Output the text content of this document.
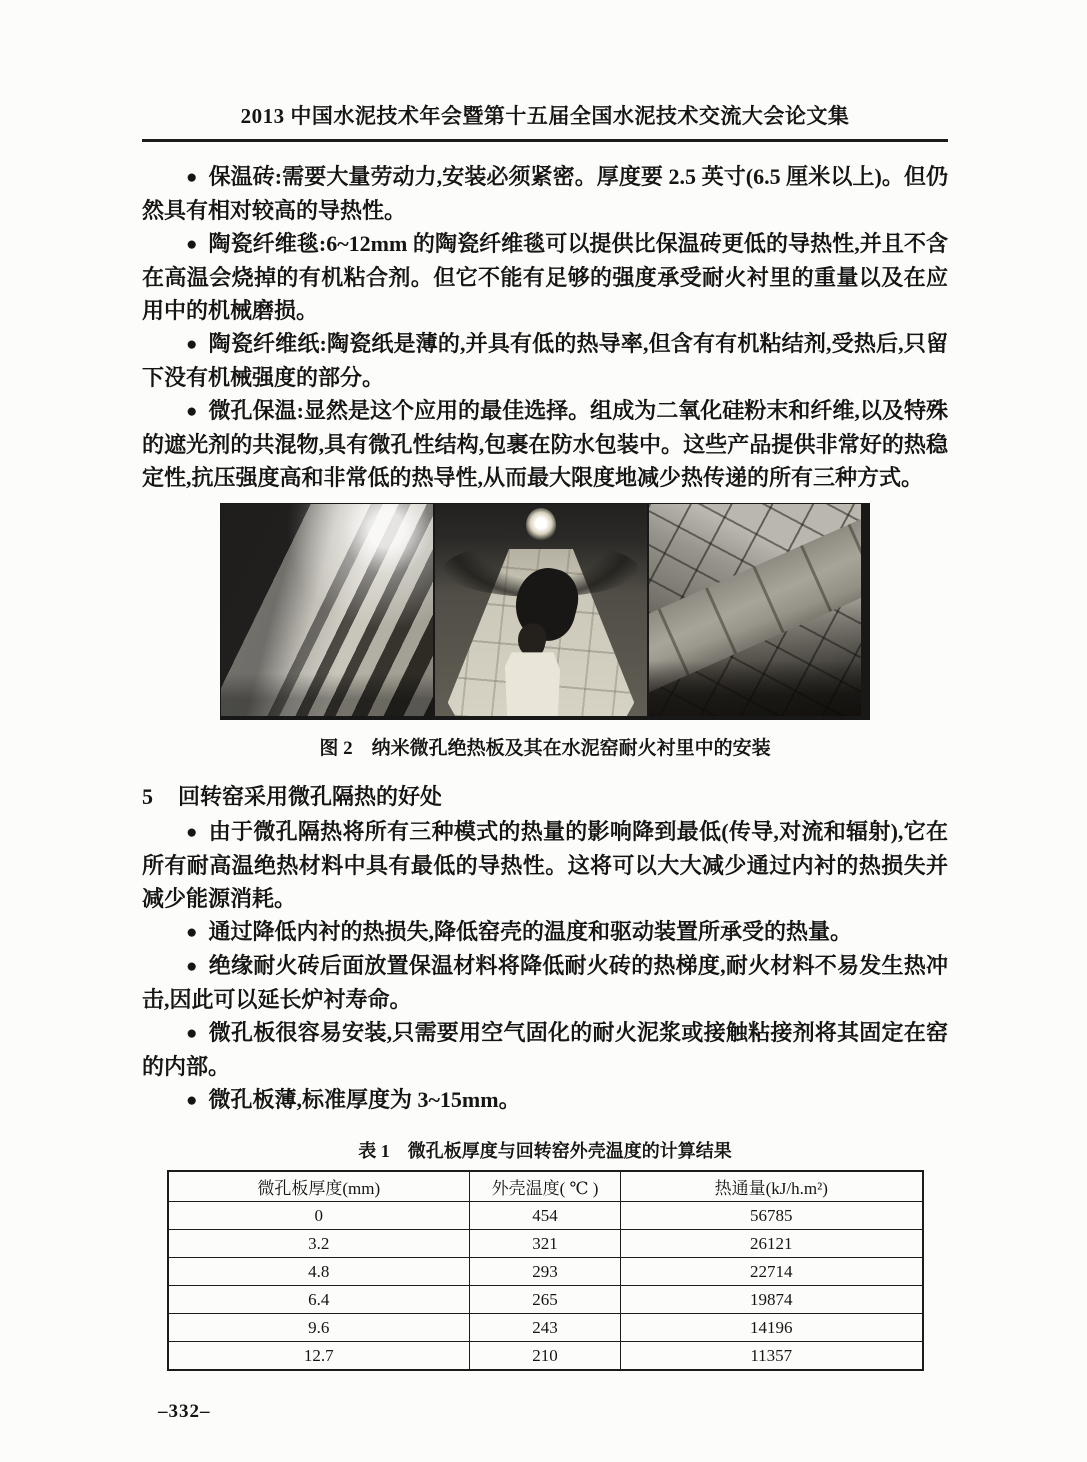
2013 中国水泥技术年会暨第十五届全国水泥技术交流大会论文集

● 保温砖:需要大量劳动力,安装必须紧密。厚度要 2.5 英寸(6.5 厘米以上)。但仍然具有相对较高的导热性。

● 陶瓷纤维毯:6~12mm 的陶瓷纤维毯可以提供比保温砖更低的导热性,并且不含在高温会烧掉的有机粘合剂。但它不能有足够的强度承受耐火衬里的重量以及在应用中的机械磨损。

● 陶瓷纤维纸:陶瓷纸是薄的,并具有低的热导率,但含有有机粘结剂,受热后,只留下没有机械强度的部分。

● 微孔保温:显然是这个应用的最佳选择。组成为二氧化硅粉末和纤维,以及特殊的遮光剂的共混物,具有微孔性结构,包裹在防水包装中。这些产品提供非常好的热稳定性,抗压强度高和非常低的热导性,从而最大限度地减少热传递的所有三种方式。

图 2　纳米微孔绝热板及其在水泥窑耐火衬里中的安装
5 回转窑采用微孔隔热的好处

● 由于微孔隔热将所有三种模式的热量的影响降到最低(传导,对流和辐射),它在所有耐高温绝热材料中具有最低的导热性。这将可以大大减少通过内衬的热损失并减少能源消耗。

● 通过降低内衬的热损失,降低窑壳的温度和驱动装置所承受的热量。

● 绝缘耐火砖后面放置保温材料将降低耐火砖的热梯度,耐火材料不易发生热冲击,因此可以延长炉衬寿命。

● 微孔板很容易安装,只需要用空气固化的耐火泥浆或接触粘接剂将其固定在窑的内部。

● 微孔板薄,标准厚度为 3~15mm。

表 1　微孔板厚度与回转窑外壳温度的计算结果
微孔板厚度(mm)	外壳温度( ℃ )	热通量(kJ/h.m²)
0	454	56785
3.2	321	26121
4.8	293	22714
6.4	265	19874
9.6	243	14196
12.7	210	11357
–332–
